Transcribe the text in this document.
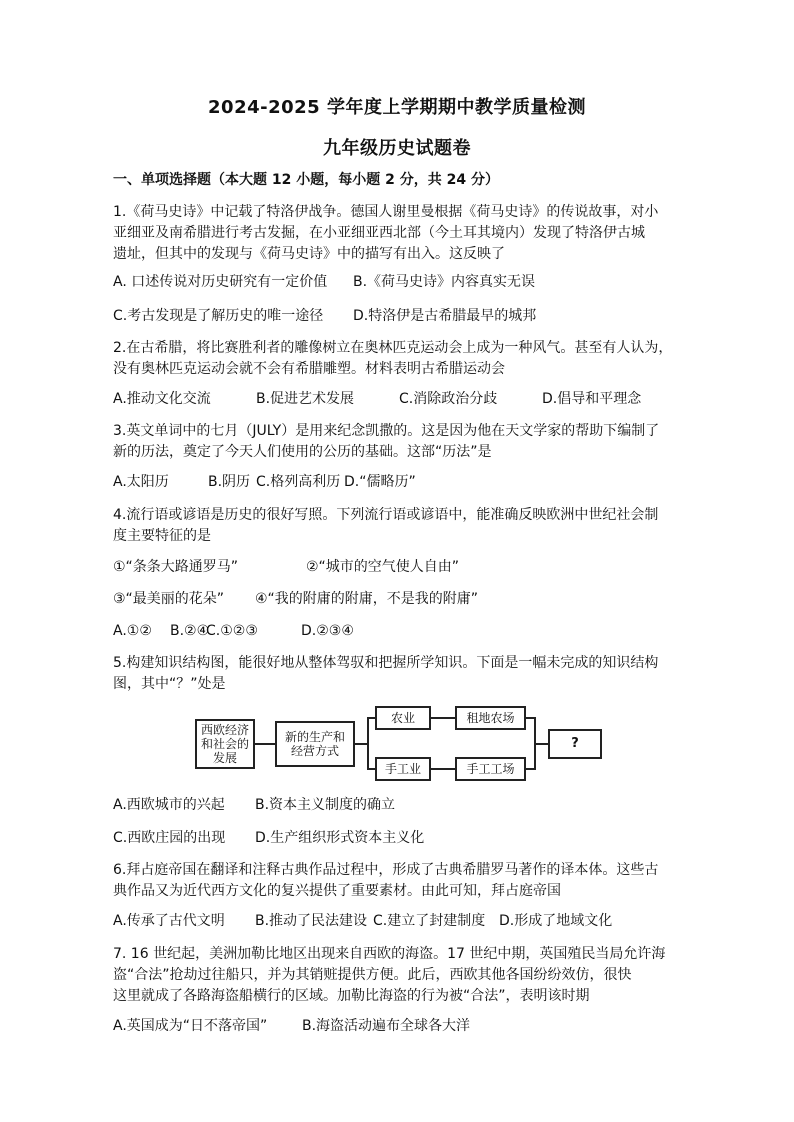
2024-2025 学年度上学期期中教学质量检测
九年级历史试题卷
一、单项选择题（本大题 12 小题，每小题 2 分，共 24 分）
1.《荷马史诗》中记载了特洛伊战争。德国人谢里曼根据《荷马史诗》的传说故事，对小
亚细亚及南希腊进行考古发掘，在小亚细亚西北部（今土耳其境内）发现了特洛伊古城
遗址，但其中的发现与《荷马史诗》中的描写有出入。这反映了
A. 口述传说对历史研究有一定价值 B.《荷马史诗》内容真实无误
C.考古发现是了解历史的唯一途径 D.特洛伊是古希腊最早的城邦
2.在古希腊，将比赛胜利者的雕像树立在奥林匹克运动会上成为一种风气。甚至有人认为，
没有奥林匹克运动会就不会有希腊雕塑。材料表明古希腊运动会
A.推动文化交流	B.促进艺术发展	C.消除政治分歧	D.倡导和平理念
3.英文单词中的七月（JULY）是用来纪念凯撒的。这是因为他在天文学家的帮助下编制了
新的历法，奠定了今天人们使用的公历的基础。这部“历法”是
A.太阳历	B.阴历 C.格列高利历 D.“儒略历”
4.流行语或谚语是历史的很好写照。下列流行语或谚语中，能准确反映欧洲中世纪社会制
度主要特征的是
①“条条大路通罗马”	②“城市的空气使人自由”
③“最美丽的花朵” ④“我的附庸的附庸，不是我的附庸”
A.①② B.②④C.①②③	D.②③④
5.构建知识结构图，能很好地从整体驾驭和把握所学知识。下面是一幅未完成的知识结构
图，其中“？”处是
西欧经济
和社会的
发展
新的生产和
经营方式
农业
手工业
租地农场
手工工场
?
A.西欧城市的兴起 B.资本主义制度的确立
C.西欧庄园的出现 D.生产组织形式资本主义化
6.拜占庭帝国在翻译和注释古典作品过程中，形成了古典希腊罗马著作的译本体。这些古
典作品又为近代西方文化的复兴提供了重要素材。由此可知，拜占庭帝国
A.传承了古代文明 B.推动了民法建设 C.建立了封建制度 D.形成了地域文化
7. 16 世纪起，美洲加勒比地区出现来自西欧的海盗。17 世纪中期，英国殖民当局允许海
盗“合法”抢劫过往船只，并为其销赃提供方便。此后，西欧其他各国纷纷效仿，很快
这里就成了各路海盗船横行的区域。加勒比海盗的行为被“合法”，表明该时期
A.英国成为“日不落帝国” B.海盗活动遍布全球各大洋
